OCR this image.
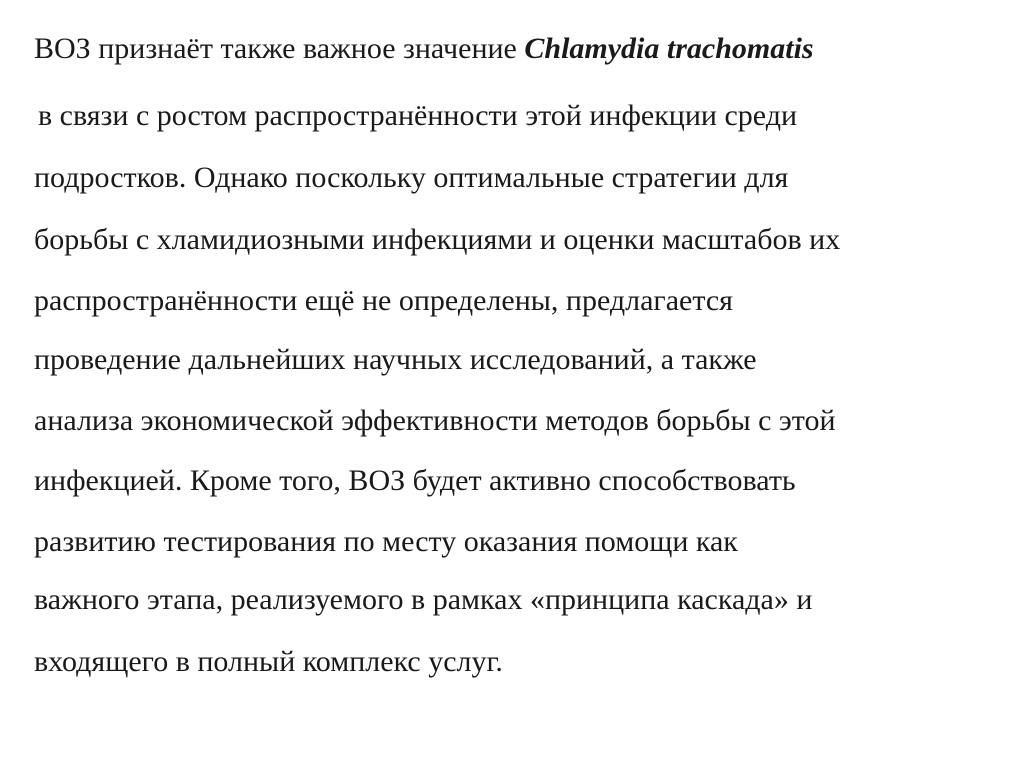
ВОЗ признаёт также важное значение Chlamydia trachomatis
в связи с ростом распространённости этой инфекции среди
подростков. Однако поскольку оптимальные стратегии для
борьбы с хламидиозными инфекциями и оценки масштабов их
распространённости ещё не определены, предлагается
проведение дальнейших научных исследований, а также
анализа экономической эффективности методов борьбы с этой
инфекцией. Кроме того, ВОЗ будет активно способствовать
развитию тестирования по месту оказания помощи как
важного этапа, реализуемого в рамках «принципа каскада» и
входящего в полный комплекс услуг.
